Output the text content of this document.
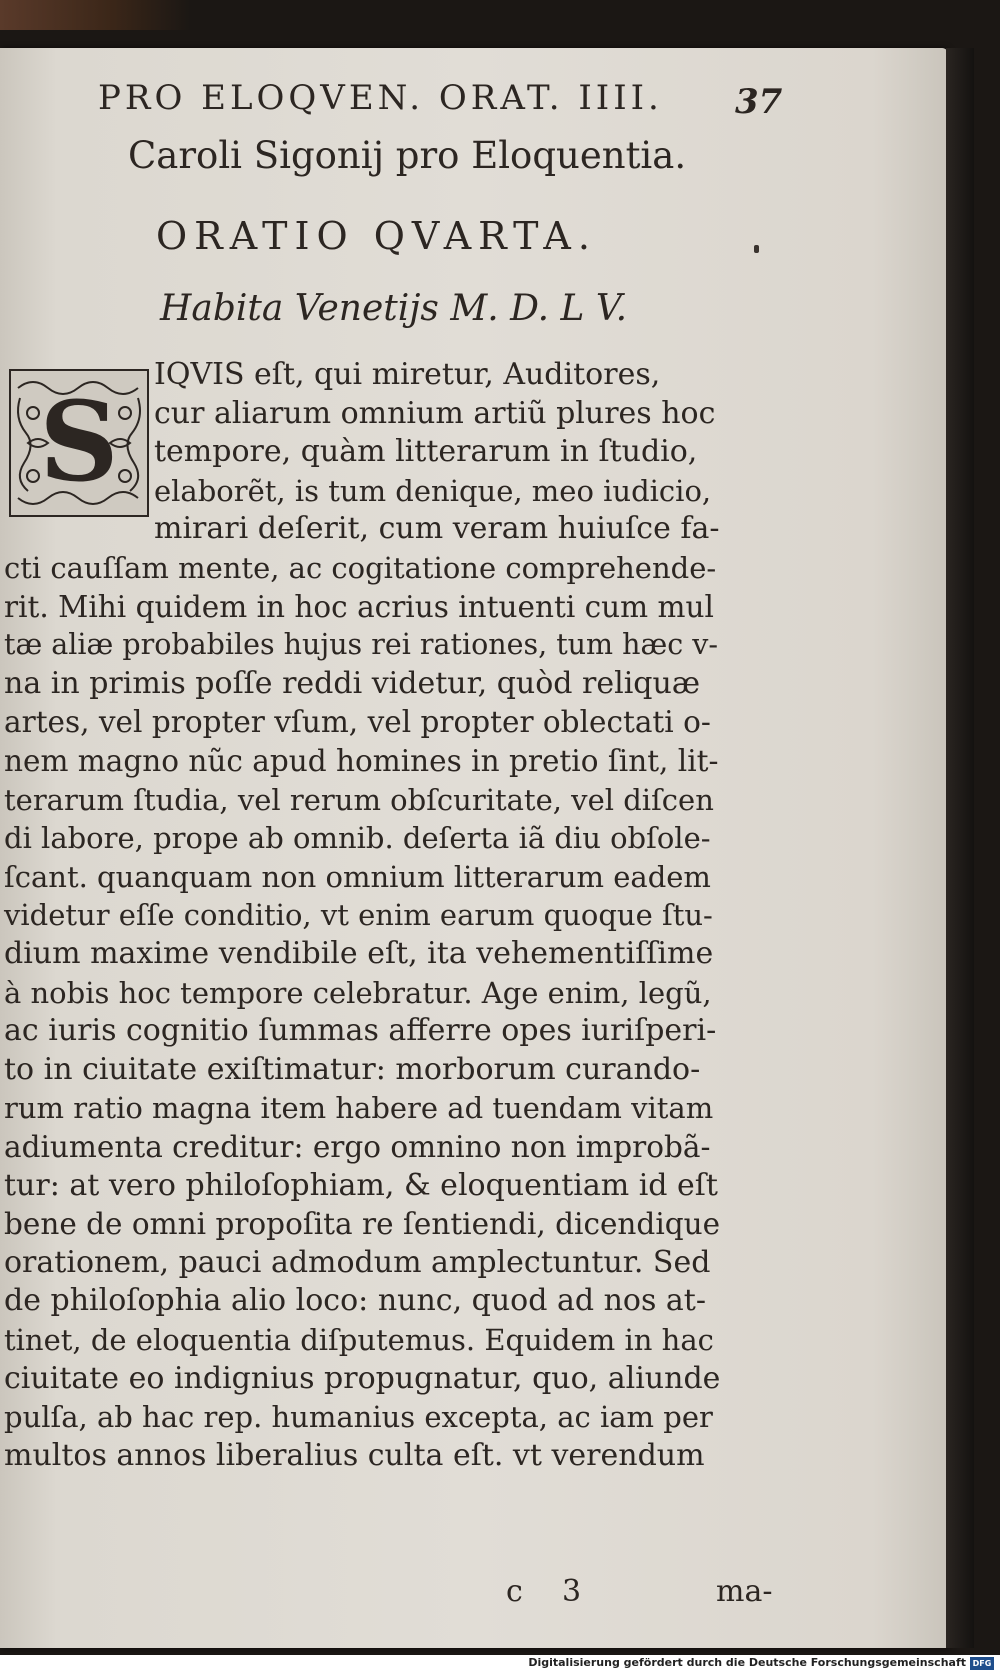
PRO ELOQVEN. ORAT. IIII. 37
Caroli Sigonij pro Eloquentia.
ORATIO QVARTA.
Habita Venetijs M. D. L V.
S
IQVIS eſt, qui miretur, Auditores,
cur aliarum omnium artiũ plures hoc
tempore, quàm litterarum in ſtudio,
elaborẽt, is tum denique, meo iudicio,
mirari deſerit, cum veram huiuſce fa-
cti cauſſam mente, ac cogitatione comprehende-
rit. Mihi quidem in hoc acrius intuenti cum mul
tæ aliæ probabiles hujus rei rationes, tum hæc v-
na in primis poſſe reddi videtur, quòd reliquæ
artes, vel propter vſum, vel propter oblectati o-
nem magno nũc apud homines in pretio ſint, lit-
terarum ſtudia, vel rerum obſcuritate, vel diſcen
di labore, prope ab omnib. deſerta iã diu obſole-
ſcant. quanquam non omnium litterarum eadem
videtur eſſe conditio, vt enim earum quoque ſtu-
dium maxime vendibile eſt, ita vehementiſſime
à nobis hoc tempore celebratur. Age enim, legũ,
ac iuris cognitio ſummas afferre opes iuriſperi-
to in ciuitate exiſtimatur: morborum curando-
rum ratio magna item habere ad tuendam vitam
adiumenta creditur: ergo omnino non improbã-
tur: at vero philoſophiam, & eloquentiam id eſt
bene de omni propoſita re ſentiendi, dicendique
orationem, pauci admodum amplectuntur. Sed
de philoſophia alio loco: nunc, quod ad nos at-
tinet, de eloquentia diſputemus. Equidem in hac
ciuitate eo indignius propugnatur, quo, aliunde
pulſa, ab hac rep. humanius excepta, ac iam per
multos annos liberalius culta eſt. vt verendum
c 3	ma-
Digitalisierung gefördert durch die Deutsche Forschungsgemeinschaft DFG
